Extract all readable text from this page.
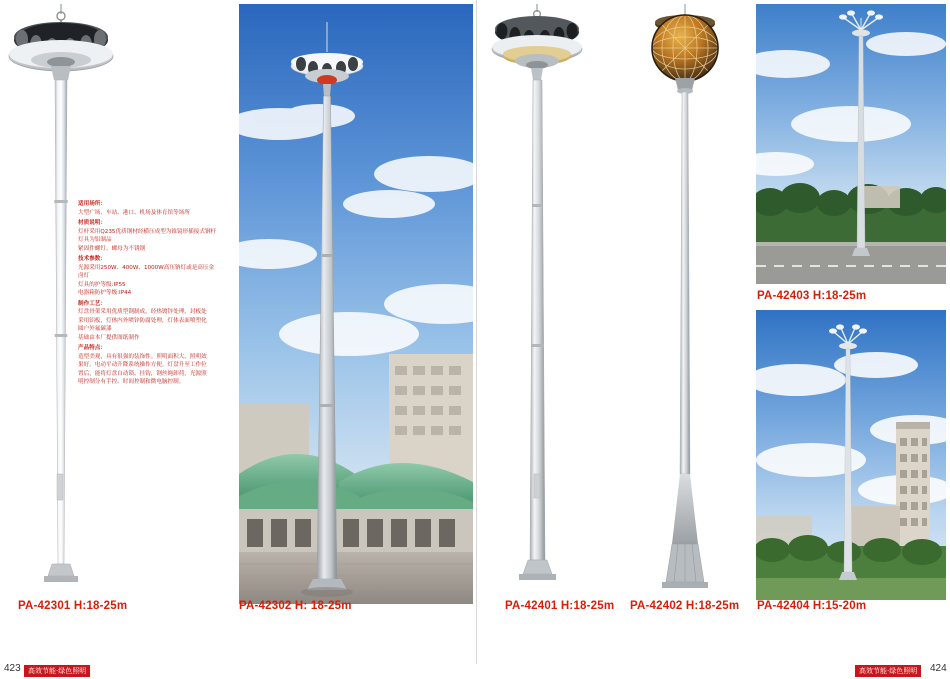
适用场所：
大型广场、车站、港口、机场及体育馆等场所

材质说明：
灯杆采用Q235优质钢材经横压成型为锥镜形插接式钢杆
灯具为铝制品
紧固件螺钉、螺母为不锈钢

技术参数：
光源采用250W、400W、1000W高压钠灯或是高压金
卤灯
灯具的护等级:IP55
电器箱防护等级:IP44

制作工艺：
灯盘骨架采用优质型钢制成，经热镀锌处理，封板处
采用铝板，灯体内外喷锌防腐处理，灯体表面喷塑化
圆户外氟碳漆
基础由本厂提供图纸制作

产品特点：
造型美观，具有很强的装饰性。照明面积大，照明效
果好。电动平动升降系统操作方便。灯盘升至工作位
置后，能将灯盘自动锁、挂钩，钢丝绳卸荷，光源照
明控制分有手控、时间控制和微电脑控制。

PA-42301 H:18-25m	PA-42302 H: 18-25m	PA-42401 H:18-25m PA-42402 H:18-25m
PA-42403 H:18-25m
PA-42404 H:15-20m
423	高效节能·绿色照明	高效节能·绿色照明	424
